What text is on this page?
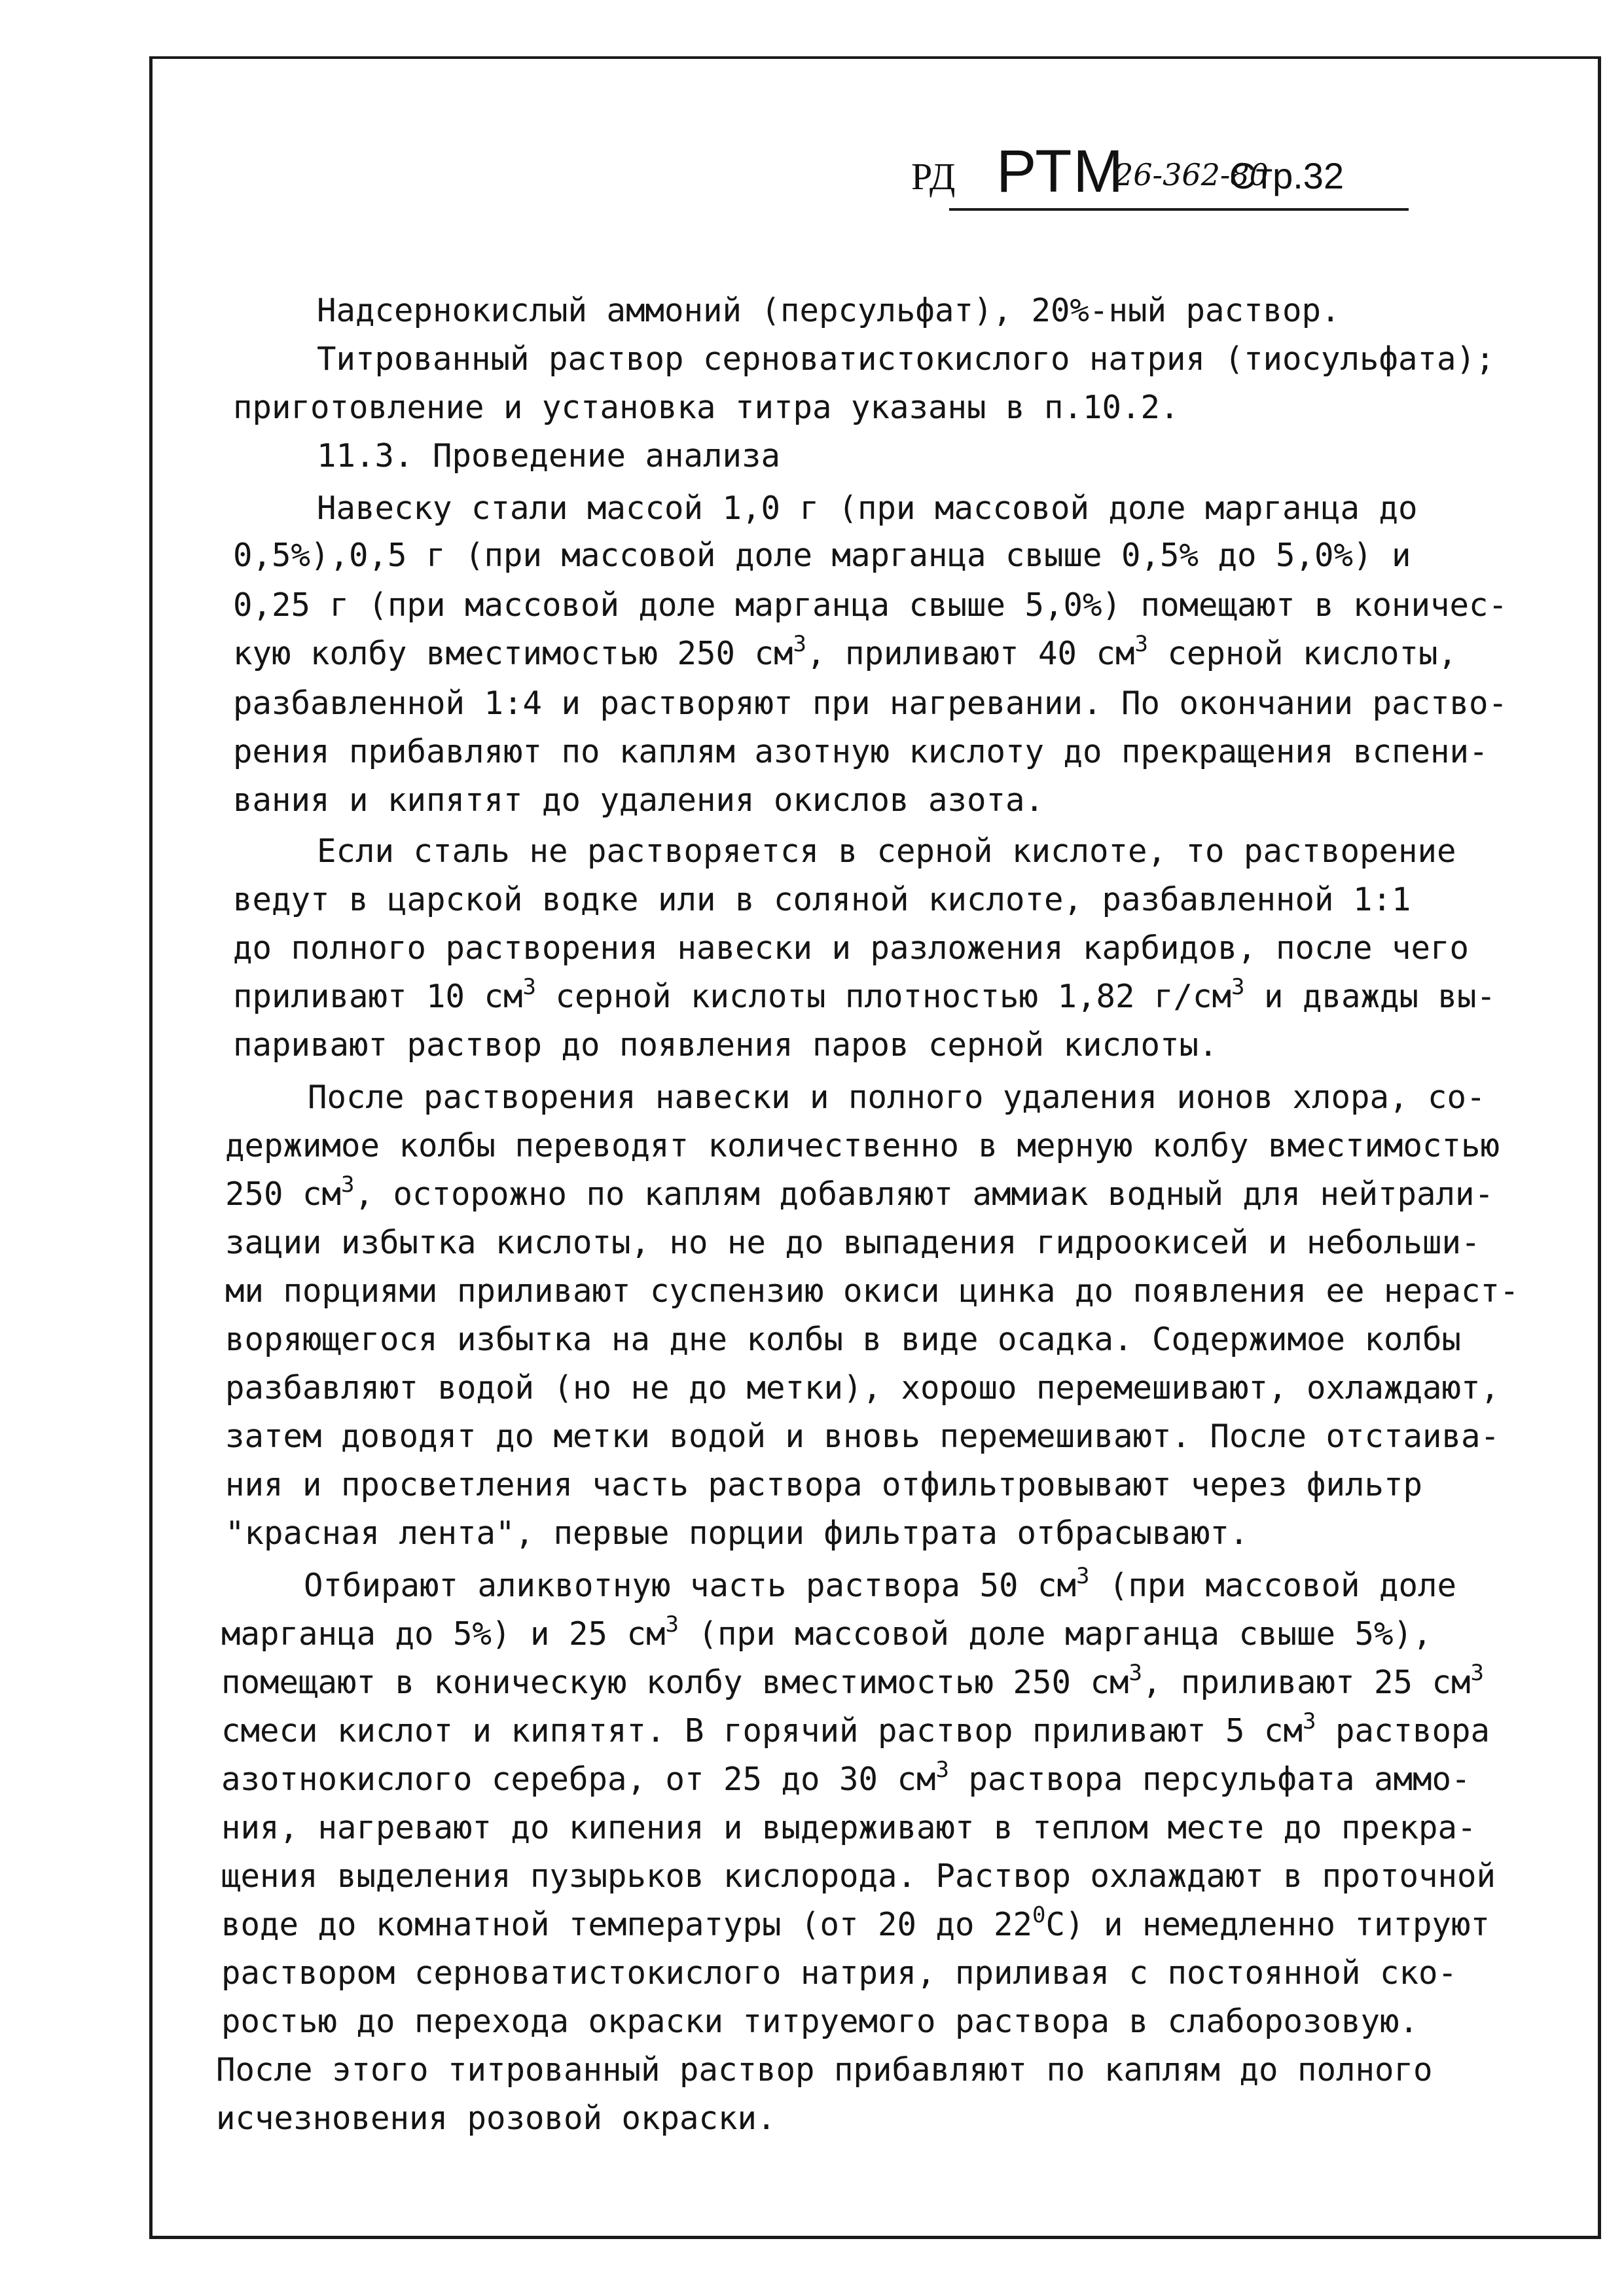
РД РТМ
26-362-80
Стр.32
Надсернокислый аммоний (персульфат), 20%-ный раствор.
Титрованный раствор серноватистокислого натрия (тиосульфата);
приготовление и установка титра указаны в п.10.2.
11.3. Проведение анализа
Навеску стали массой 1,0 г (при массовой доле марганца до
0,5%),0,5 г (при массовой доле марганца свыше 0,5% до 5,0%) и
0,25 г (при массовой доле марганца свыше 5,0%) помещают в коничес-
кую колбу вместимостью 250 $см^3$, приливают 40 $см^3$ серной кислоты,
разбавленной 1:4 и растворяют при нагревании. По окончании раство-
рения прибавляют по каплям азотную кислоту до прекращения вспени-
вания и кипятят до удаления окислов азота.
Если сталь не растворяется в серной кислоте, то растворение
ведут в царской водке или в соляной кислоте, разбавленной 1:1
до полного растворения навески и разложения карбидов, после чего
приливают 10 $см^3$ серной кислоты плотностью 1,82 $г/см^3$ и дважды вы-
паривают раствор до появления паров серной кислоты.
После растворения навески и полного удаления ионов хлора, со-
держимое колбы переводят количественно в мерную колбу вместимостью
250 $см^3$, осторожно по каплям добавляют аммиак водный для нейтрали-
зации избытка кислоты, но не до выпадения гидроокисей и небольши-
ми порциями приливают суспензию окиси цинка до появления ее нераст-
воряющегося избытка на дне колбы в виде осадка. Содержимое колбы
разбавляют водой (но не до метки), хорошо перемешивают, охлаждают,
затем доводят до метки водой и вновь перемешивают. После отстаива-
ния и просветления часть раствора отфильтровывают через фильтр
"красная лента", первые порции фильтрата отбрасывают.
Отбирают аликвотную часть раствора 50 $см^3$ (при массовой доле
марганца до 5%) и 25 $см^3$ (при массовой доле марганца свыше 5%),
помещают в коническую колбу вместимостью 250 $см^3$, приливают 25 $см^3$
смеси кислот и кипятят. В горячий раствор приливают 5 $см^3$ раствора
азотнокислого серебра, от 25 до 30 $см^3$ раствора персульфата аммо-
ния, нагревают до кипения и выдерживают в теплом месте до прекра-
щения выделения пузырьков кислорода. Раствор охлаждают в проточной
воде до комнатной температуры (от 20 до $22^0С$) и немедленно титруют
раствором серноватистокислого натрия, приливая с постоянной ско-
ростью до перехода окраски титруемого раствора в слаборозовую.
После этого титрованный раствор прибавляют по каплям до полного
исчезновения розовой окраски.
